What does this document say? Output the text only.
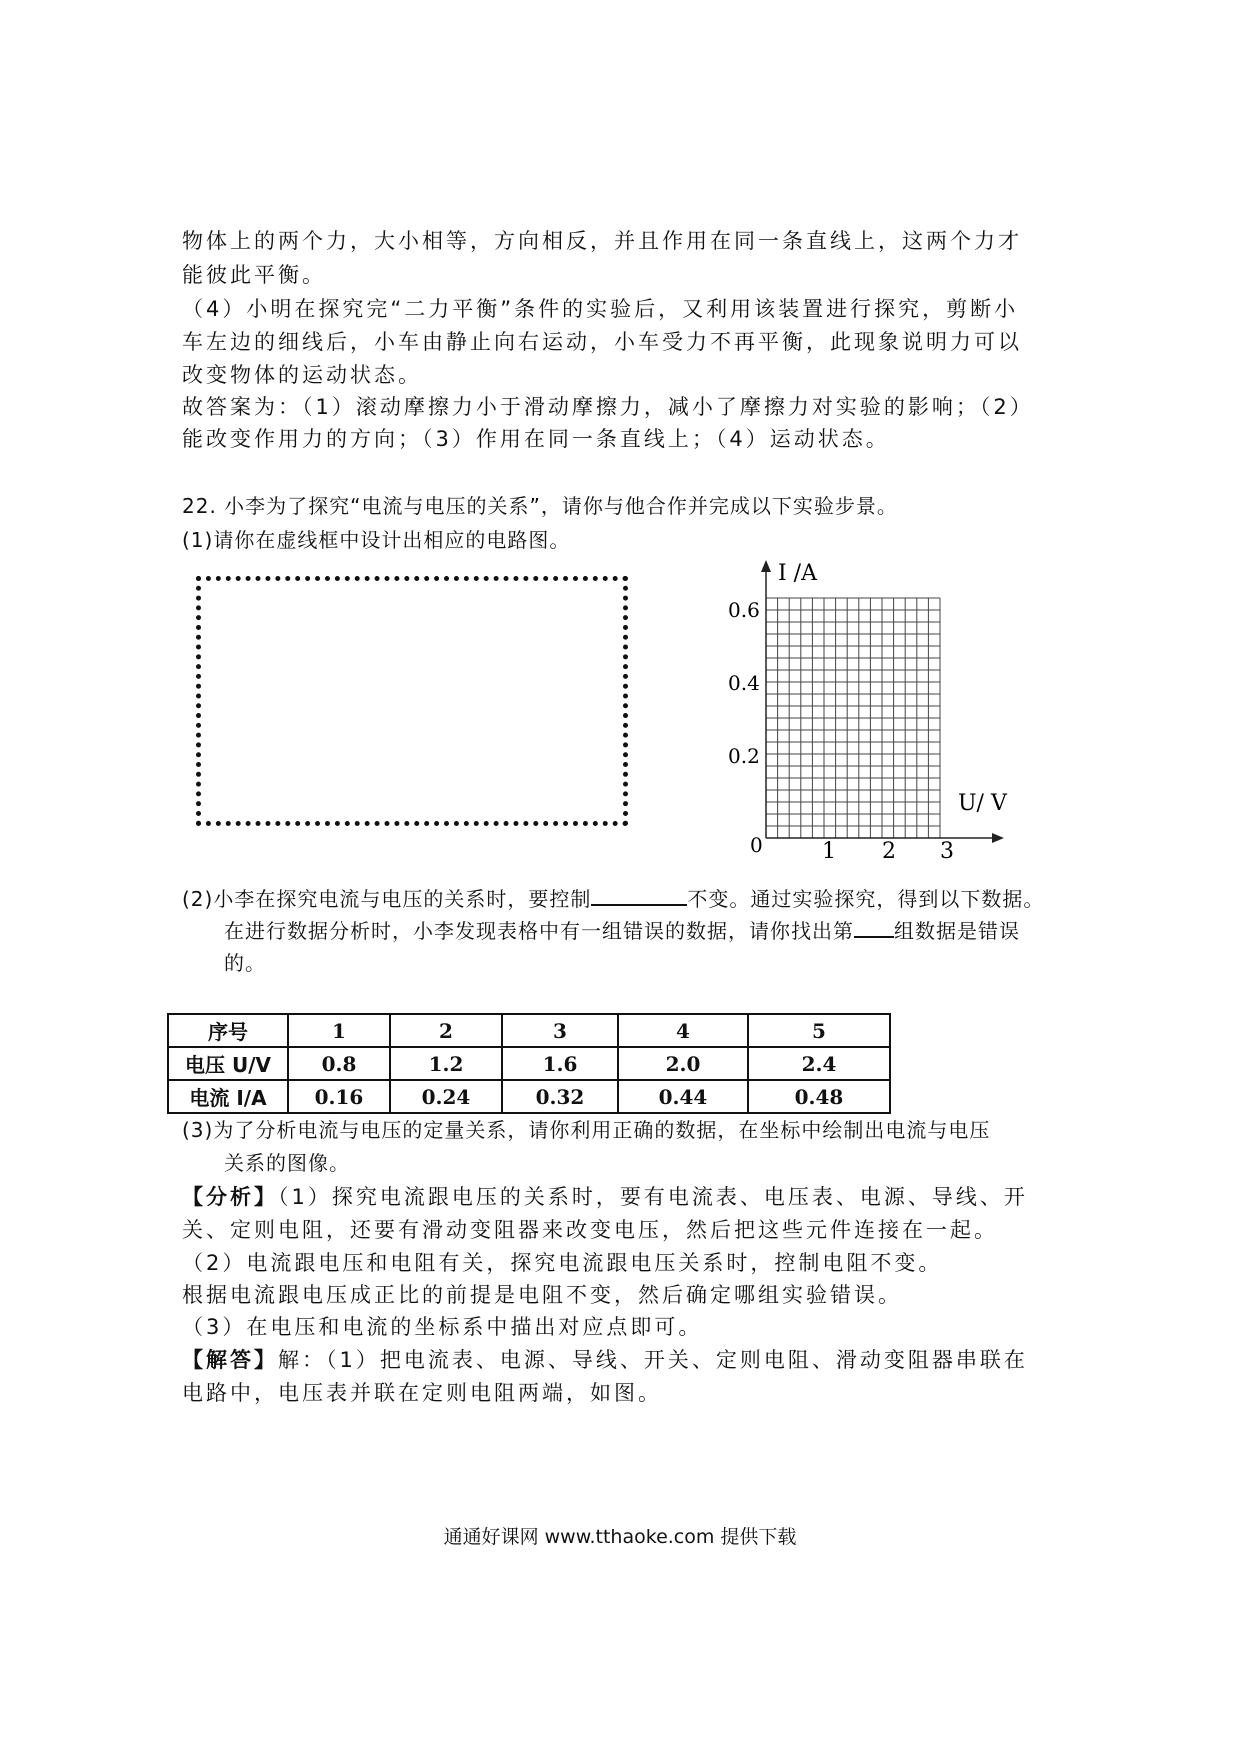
物体上的两个力，大小相等，方向相反，并且作用在同一条直线上，这两个力才
能彼此平衡。
（4）小明在探究完“二力平衡”条件的实验后，又利用该装置进行探究，剪断小
车左边的细线后，小车由静止向右运动，小车受力不再平衡，此现象说明力可以
改变物体的运动状态。
故答案为：（1）滚动摩擦力小于滑动摩擦力，减小了摩擦力对实验的影响；（2）
能改变作用力的方向；（3）作用在同一条直线上；（4）运动状态。
22. 小李为了探究“电流与电压的关系”，请你与他合作并完成以下实验步景。
(1)请你在虚线框中设计出相应的电路图。
I /A
U/ V
0.6
0.4
0.2
0	1 2 3
(2)小李在探究电流与电压的关系时，要控制	不变。通过实验探究，得到以下数据。
在进行数据分析时，小李发现表格中有一组错误的数据，请你找出第 组数据是错误
的。
序号	1	2	3	4	5
电压 U/V	0.8	1.2	1.6	2.0	2.4
电流 I/A	0.16	0.24	0.32	0.44	0.48
(3)为了分析电流与电压的定量关系，请你利用正确的数据，在坐标中绘制出电流与电压
关系的图像。
【分析】（1）探究电流跟电压的关系时，要有电流表、电压表、电源、导线、开
关、定则电阻，还要有滑动变阻器来改变电压，然后把这些元件连接在一起。
（2）电流跟电压和电阻有关，探究电流跟电压关系时，控制电阻不变。
根据电流跟电压成正比的前提是电阻不变，然后确定哪组实验错误。
（3）在电压和电流的坐标系中描出对应点即可。
【解答】解：（1）把电流表、电源、导线、开关、定则电阻、滑动变阻器串联在
电路中，电压表并联在定则电阻两端，如图。
通通好课网 www.tthaoke.com 提供下载
